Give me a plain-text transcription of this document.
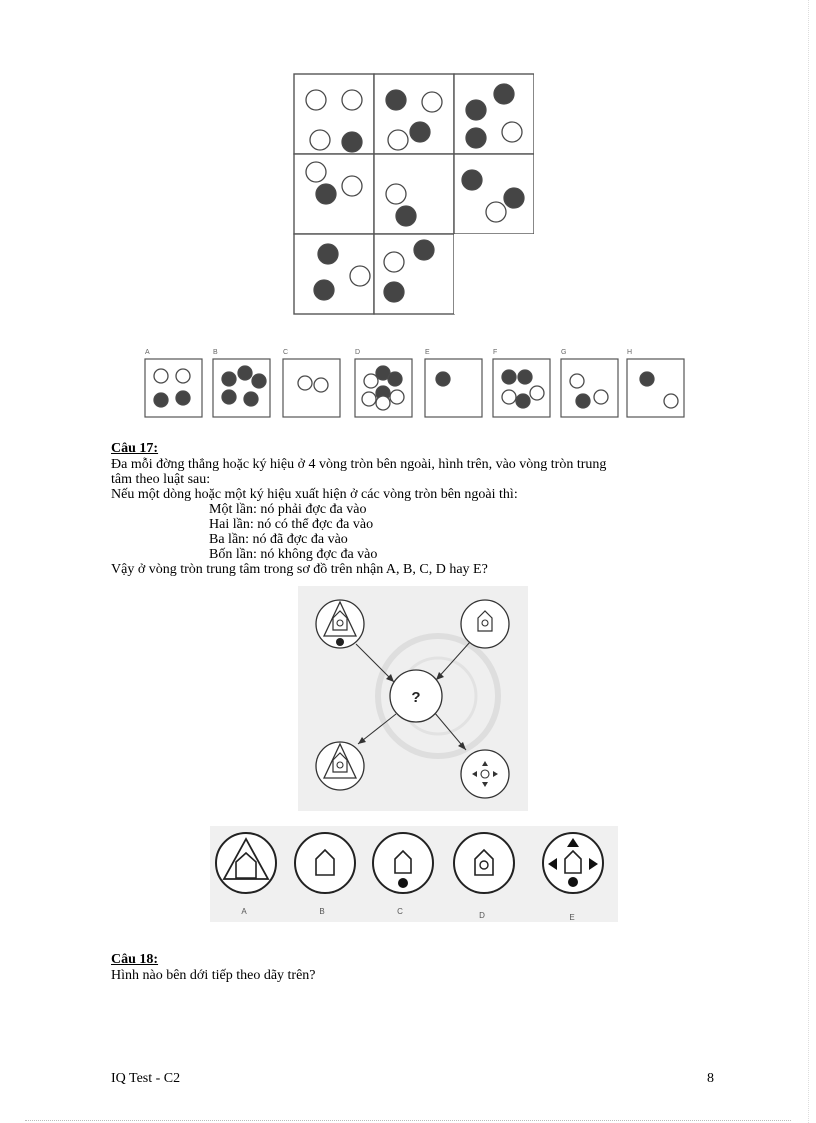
A	B	C	D	E	F	G	H
Câu 17:
Đa mỗi đờng thẳng hoặc ký hiệu ở 4 vòng tròn bên ngoài, hình trên, vào vòng tròn trung
tâm theo luật sau:
Nếu một dòng hoặc một ký hiệu xuất hiện ở các vòng tròn bên ngoài thì:
Một lần: nó phải đợc đa vào
Hai lần: nó có thể đợc đa vào
Ba lần: nó đã đợc đa vào
Bốn lần: nó không đợc đa vào
Vậy ở vòng tròn trung tâm trong sơ đồ trên nhận A, B, C, D hay E?
?
A	B	C	D	E
Câu 18:
Hình nào bên dới tiếp theo dãy trên?
IQ Test - C2	8
